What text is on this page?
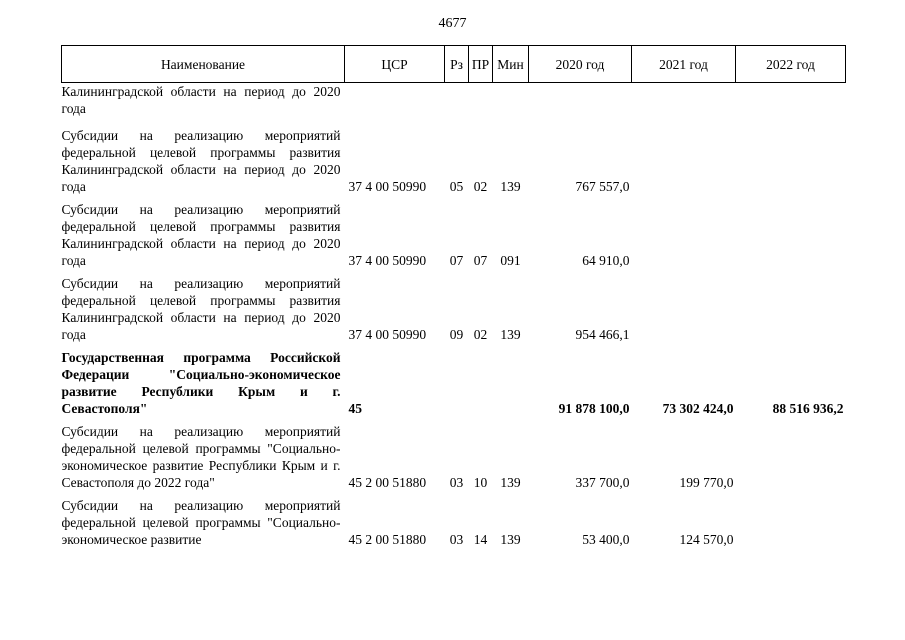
4677
Наименование	ЦСР	Рз	ПР	Мин	2020 год	2021 год	2022 год
Калининградской области на период до 2020 года							
Субсидии на реализацию мероприятий федеральной целевой программы развития Калининградской области на период до 2020 года	37 4 00 50990	05	02	139	767 557,0		
Субсидии на реализацию мероприятий федеральной целевой программы развития Калининградской области на период до 2020 года	37 4 00 50990	07	07	091	64 910,0		
Субсидии на реализацию мероприятий федеральной целевой программы развития Калининградской области на период до 2020 года	37 4 00 50990	09	02	139	954 466,1		
Государственная программа Российской Федерации "Социально-экономическое развитие Республики Крым и г. Севастополя"	45				91 878 100,0	73 302 424,0	88 516 936,2
Субсидии на реализацию мероприятий федеральной целевой программы "Социально-экономическое развитие Республики Крым и г. Севастополя до 2022 года"	45 2 00 51880	03	10	139	337 700,0	199 770,0	
Субсидии на реализацию мероприятий федеральной целевой программы "Социально-экономическое развитие	45 2 00 51880	03	14	139	53 400,0	124 570,0	
